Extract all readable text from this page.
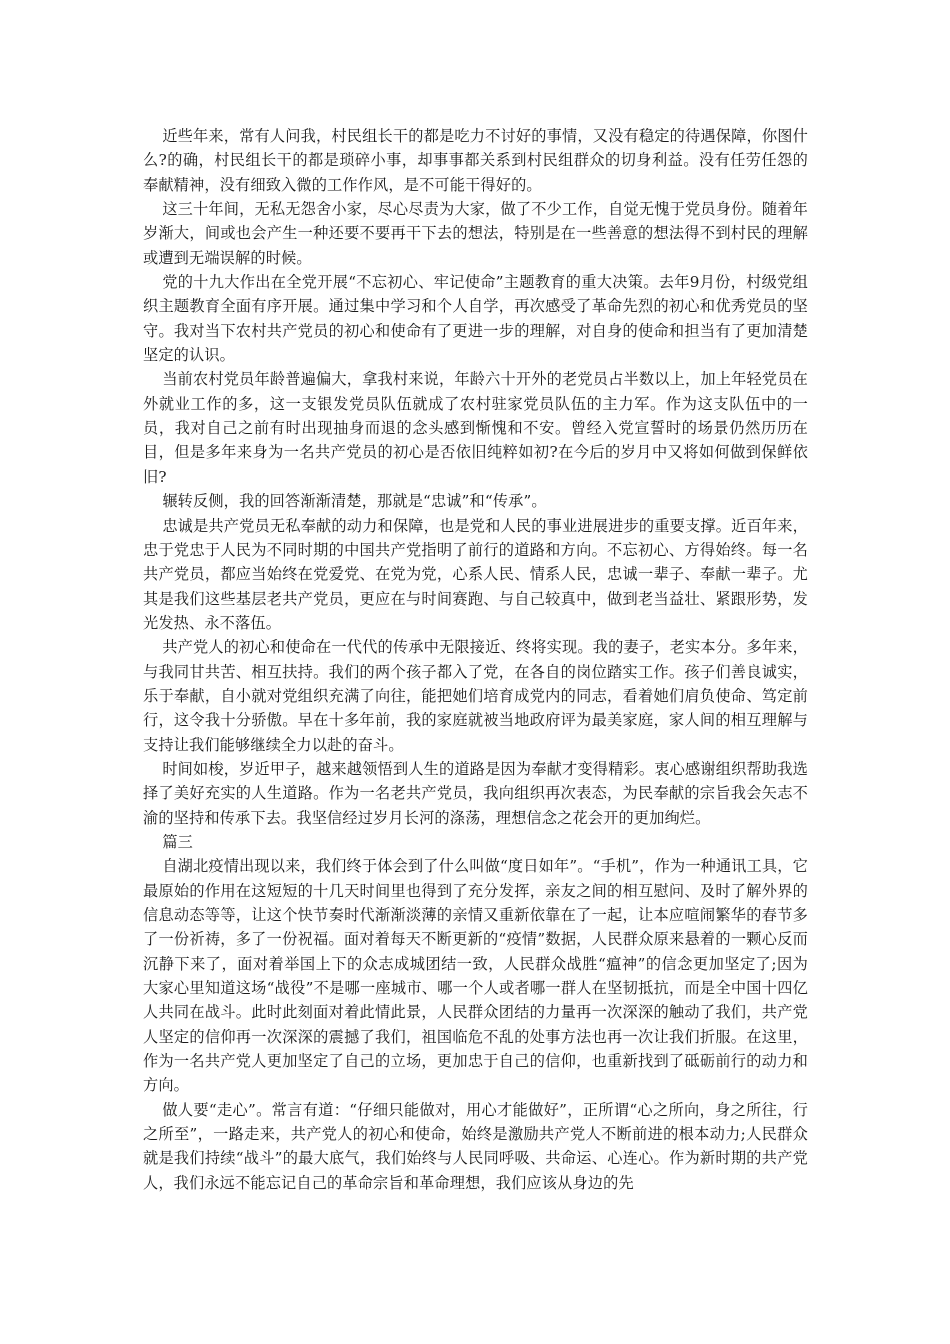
近些年来，常有人问我，村民组长干的都是吃力不讨好的事情，又没有稳定的待遇保障，你图什么?的确，村民组长干的都是琐碎小事，却事事都关系到村民组群众的切身利益。没有任劳任怨的奉献精神，没有细致入微的工作作风，是不可能干得好的。

这三十年间，无私无怨舍小家，尽心尽责为大家，做了不少工作，自觉无愧于党员身份。随着年岁渐大，间或也会产生一种还要不要再干下去的想法，特别是在一些善意的想法得不到村民的理解或遭到无端误解的时候。

党的十九大作出在全党开展“不忘初心、牢记使命”主题教育的重大决策。去年9月份，村级党组织主题教育全面有序开展。通过集中学习和个人自学，再次感受了革命先烈的初心和优秀党员的坚守。我对当下农村共产党员的初心和使命有了更进一步的理解，对自身的使命和担当有了更加清楚坚定的认识。

当前农村党员年龄普遍偏大，拿我村来说，年龄六十开外的老党员占半数以上，加上年轻党员在外就业工作的多，这一支银发党员队伍就成了农村驻家党员队伍的主力军。作为这支队伍中的一员，我对自己之前有时出现抽身而退的念头感到惭愧和不安。曾经入党宣誓时的场景仍然历历在目，但是多年来身为一名共产党员的初心是否依旧纯粹如初?在今后的岁月中又将如何做到保鲜依旧?

辗转反侧，我的回答渐渐清楚，那就是“忠诚”和“传承”。

忠诚是共产党员无私奉献的动力和保障，也是党和人民的事业进展进步的重要支撑。近百年来，忠于党忠于人民为不同时期的中国共产党指明了前行的道路和方向。不忘初心、方得始终。每一名共产党员，都应当始终在党爱党、在党为党，心系人民、情系人民，忠诚一辈子、奉献一辈子。尤其是我们这些基层老共产党员，更应在与时间赛跑、与自己较真中，做到老当益壮、紧跟形势，发光发热、永不落伍。

共产党人的初心和使命在一代代的传承中无限接近、终将实现。我的妻子，老实本分。多年来，与我同甘共苦、相互扶持。我们的两个孩子都入了党，在各自的岗位踏实工作。孩子们善良诚实，乐于奉献，自小就对党组织充满了向往，能把她们培育成党内的同志，看着她们肩负使命、笃定前行，这令我十分骄傲。早在十多年前，我的家庭就被当地政府评为最美家庭，家人间的相互理解与支持让我们能够继续全力以赴的奋斗。

时间如梭，岁近甲子，越来越领悟到人生的道路是因为奉献才变得精彩。衷心感谢组织帮助我选择了美好充实的人生道路。作为一名老共产党员，我向组织再次表态，为民奉献的宗旨我会矢志不渝的坚持和传承下去。我坚信经过岁月长河的涤荡，理想信念之花会开的更加绚烂。

篇三

自湖北疫情出现以来，我们终于体会到了什么叫做“度日如年”。“手机”，作为一种通讯工具，它最原始的作用在这短短的十几天时间里也得到了充分发挥，亲友之间的相互慰问、及时了解外界的信息动态等等，让这个快节奏时代渐渐淡薄的亲情又重新依靠在了一起，让本应喧闹繁华的春节多了一份祈祷，多了一份祝福。面对着每天不断更新的“疫情”数据，人民群众原来悬着的一颗心反而沉静下来了，面对着举国上下的众志成城团结一致，人民群众战胜“瘟神”的信念更加坚定了;因为大家心里知道这场“战役”不是哪一座城市、哪一个人或者哪一群人在坚韧抵抗，而是全中国十四亿人共同在战斗。此时此刻面对着此情此景，人民群众团结的力量再一次深深的触动了我们，共产党人坚定的信仰再一次深深的震撼了我们，祖国临危不乱的处事方法也再一次让我们折服。在这里，作为一名共产党人更加坚定了自己的立场，更加忠于自己的信仰，也重新找到了砥砺前行的动力和方向。

做人要“走心”。常言有道：“仔细只能做对，用心才能做好”，正所谓“心之所向，身之所往，行之所至”，一路走来，共产党人的初心和使命，始终是激励共产党人不断前进的根本动力;人民群众就是我们持续“战斗”的最大底气，我们始终与人民同呼吸、共命运、心连心。作为新时期的共产党人，我们永远不能忘记自己的革命宗旨和革命理想，我们应该从身边的先
